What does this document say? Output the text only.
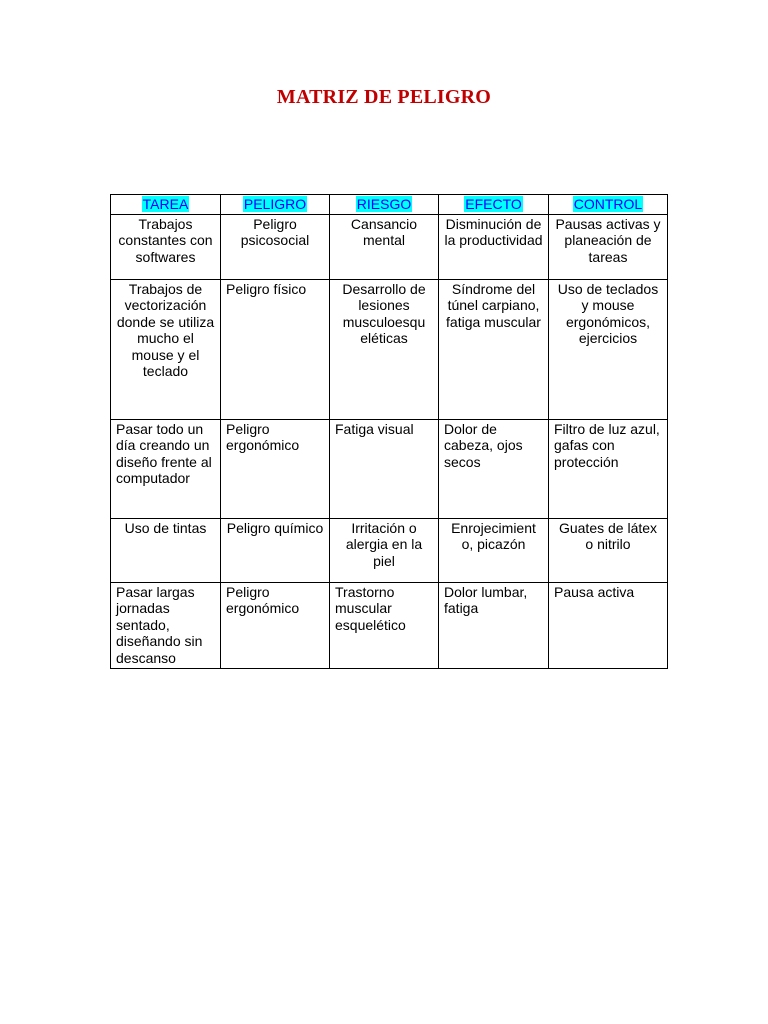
MATRIZ DE PELIGRO
TAREA	PELIGRO	RIESGO	EFECTO	CONTROL
Trabajos constantes con softwares	Peligro psicosocial	Cansancio mental	Disminución de la productividad	Pausas activas y planeación de tareas
Trabajos de vectorización donde se utiliza mucho el mouse y el teclado	Peligro físico	Desarrollo de lesiones musculoesqu eléticas	Síndrome del túnel carpiano, fatiga muscular	Uso de teclados y mouse ergonómicos, ejercicios
Pasar todo un día creando un diseño frente al computador	Peligro ergonómico	Fatiga visual	Dolor de cabeza, ojos secos	Filtro de luz azul, gafas con protección
Uso de tintas	Peligro químico	Irritación o alergia en la piel	Enrojecimient o, picazón	Guates de látex o nitrilo
Pasar largas jornadas sentado, diseñando sin descanso	Peligro ergonómico	Trastorno muscular esquelético	Dolor lumbar, fatiga	Pausa activa
